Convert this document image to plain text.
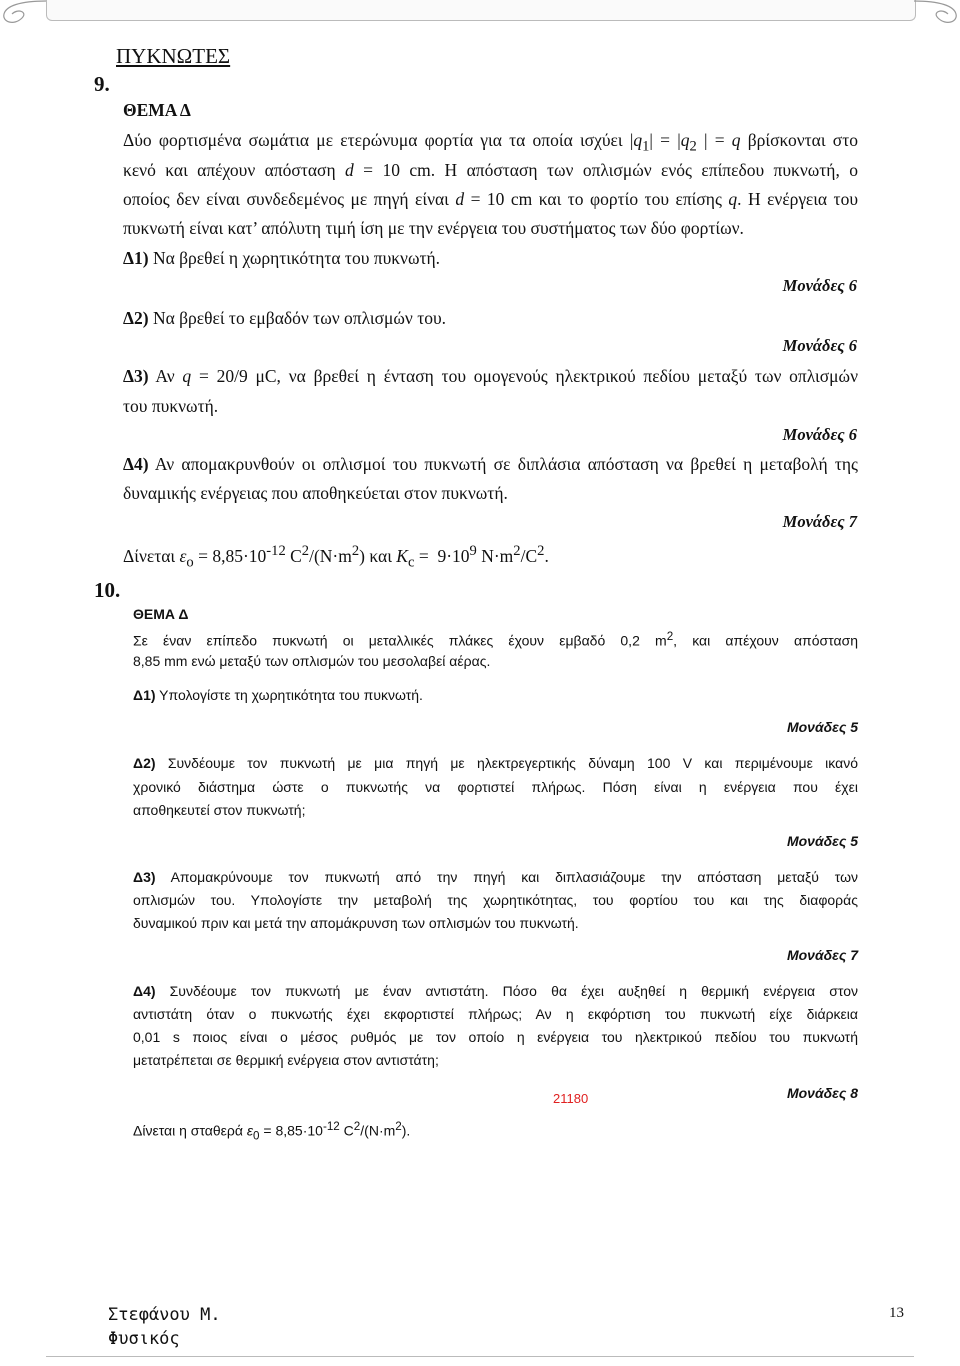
ΠΥΚΝΩΤΕΣ
9.
ΘΕΜΑ Δ
Δύο φορτισμένα σωμάτια με ετερώνυμα φορτία για τα οποία ισχύει $|q_1| = |q_2$ | = q βρίσκονται στο
κενό και απέχουν απόσταση d = 10 cm. Η απόσταση των οπλισμών ενός επίπεδου πυκνωτή, ο
οποίος δεν είναι συνδεδεμένος με πηγή είναι d = 10 cm και το φορτίο του επίσης q. Η ενέργεια του
πυκνωτή είναι κατ’ απόλυτη τιμή ίση με την ενέργεια του συστήματος των δύο φορτίων.
Δ1) Να βρεθεί η χωρητικότητα του πυκνωτή.
Μονάδες 6
Δ2) Να βρεθεί το εμβαδόν των οπλισμών του.
Μονάδες 6
Δ3) Αν q = 20/9 μC, να βρεθεί η ένταση του ομογενούς ηλεκτρικού πεδίου μεταξύ των οπλισμών
του πυκνωτή.
Μονάδες 6
Δ4) Αν απομακρυνθούν οι οπλισμοί του πυκνωτή σε διπλάσια απόσταση να βρεθεί η μεταβολή της
δυναμικής ενέργειας που αποθηκεύεται στον πυκνωτή.
Μονάδες 7
Δίνεται $\varepsilon_o = 8,85\cdot 10^{-12}$ $C^2/(N\cdot m^2)$ και $K_c = 9\cdot 10^9$ $N\cdot m^2/C^2$.
10.
ΘΕΜΑ Δ
Σε έναν επίπεδο πυκνωτή οι μεταλλικές πλάκες έχουν εμβαδό 0,2 $m^2$, και απέχουν απόσταση
8,85 mm ενώ μεταξύ των οπλισμών του μεσολαβεί αέρας.
Δ1) Υπολογίστε τη χωρητικότητα του πυκνωτή.
Μονάδες 5
Δ2) Συνδέουμε τον πυκνωτή με μια πηγή με ηλεκτρεγερτικής δύναμη 100 V και περιμένουμε ικανό
χρονικό διάστημα ώστε ο πυκνωτής να φορτιστεί πλήρως. Πόση είναι η ενέργεια που έχει
αποθηκευτεί στον πυκνωτή;
Μονάδες 5
Δ3) Απομακρύνουμε τον πυκνωτή από την πηγή και διπλασιάζουμε την απόσταση μεταξύ των
οπλισμών του. Υπολογίστε την μεταβολή της χωρητικότητας, του φορτίου του και της διαφοράς
δυναμικού πριν και μετά την απομάκρυνση των οπλισμών του πυκνωτή.
Μονάδες 7
Δ4) Συνδέουμε τον πυκνωτή με έναν αντιστάτη. Πόσο θα έχει αυξηθεί η θερμική ενέργεια στον
αντιστάτη όταν ο πυκνωτής έχει εκφορτιστεί πλήρως; Αν η εκφόρτιση του πυκνωτή είχε διάρκεια
0,01 s ποιος είναι ο μέσος ρυθμός με τον οποίο η ενέργεια του ηλεκτρικού πεδίου του πυκνωτή
μετατρέπεται σε θερμική ενέργεια στον αντιστάτη;
21180	Μονάδες 8
Δίνεται η σταθερά $\varepsilon_0 = 8,85\cdot 10^{-12}$ $C^2/(N\cdot m^2)$.
Στεφάνου Μ.
Φυσικός
13
